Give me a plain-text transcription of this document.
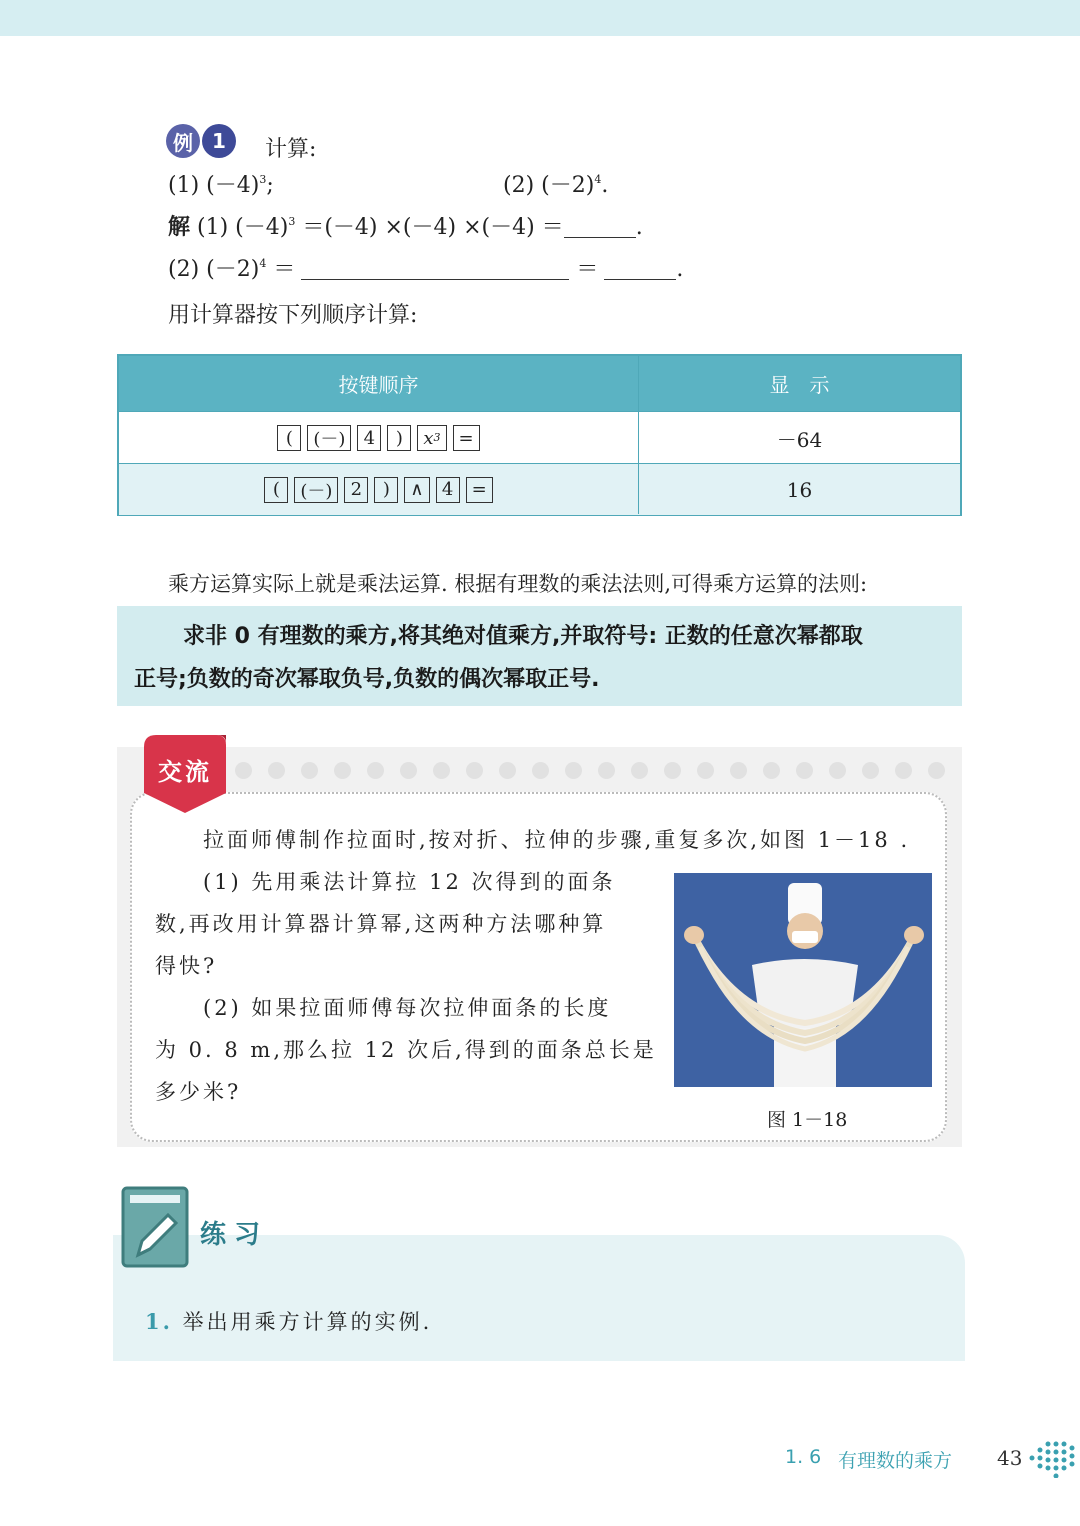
例 1	计算:
(1) $(-4)^3$;	(2) $(-2)^4$.
解 (1) $(-4)^3 =(-4) \times(-4) \times(-4)$ ＝	.
(2) $(-2)^4$ ＝	＝	.
用计算器按下列顺序计算:
按键顺序	显　示
(	(－)	4	)	x 3	=	－64
(	(－)	2	)	∧	4	=	16
乘方运算实际上就是乘法运算. 根据有理数的乘法法则,可得乘方运算的法则:
求非 0 有理数的乘方,将其绝对值乘方,并取符号: 正数的任意次幂都取
正号;负数的奇次幂取负号,负数的偶次幂取正号.
交流
拉面师傅制作拉面时,按对折、拉伸的步骤,重复多次,如图 1－18 .
(1) 先用乘法计算拉 12 次得到的面条
数,再改用计算器计算幂,这两种方法哪种算
得快?
(2) 如果拉面师傅每次拉伸面条的长度
为 0. 8 m,那么拉 12 次后,得到的面条总长是
多少米?
图 1－18
练习
1. 举出用乘方计算的实例.
1. 6 有理数的乘方 43
